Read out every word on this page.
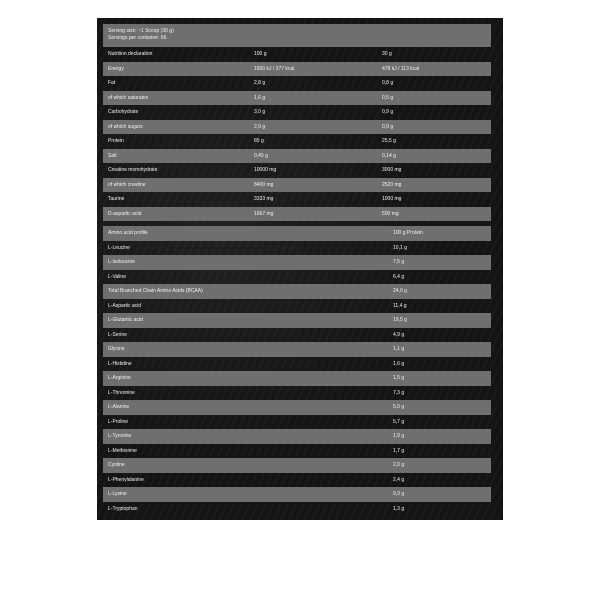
Serving size: ~1 Scoop (30 g)
Servings per container: 66
Nutrition declaration	100 g	30 g
Energy	1600 kJ / 377 kcal	478 kJ / 113 kcal
Fat	2,8 g	0,8 g
of which saturates	1,6 g	0,5 g
Carbohydrate	3,0 g	0,9 g
of which sugars	2,9 g	0,9 g
Protein	85 g	25,5 g
Salt	0,45 g	0,14 g
Creatine monohydrate	10000 mg	3000 mg
of which creatine	8400 mg	2520 mg
Taurine	3333 mg	1000 mg
D-aspartic acid	1667 mg	500 mg
Amino acid profile	100 g Protein
L-Leucine	10,1 g
L-Isoleucine	7,5 g
L-Valine	6,4 g
Total Branched Chain Amino Acids (BCAA)	24,0 g
L-Aspartic acid	11,4 g
L-Glutamic acid	19,5 g
L-Serine	4,9 g
Glycine	1,1 g
L-Histidine	1,6 g
L-Arginine	1,5 g
L-Threonine	7,3 g
L-Alanine	5,0 g
L-Proline	5,7 g
L-Tyrosine	1,9 g
L-Methionine	1,7 g
Cystine	2,0 g
L-Phenylalanine	2,4 g
L-Lysine	9,3 g
L-Tryptophan	1,3 g
